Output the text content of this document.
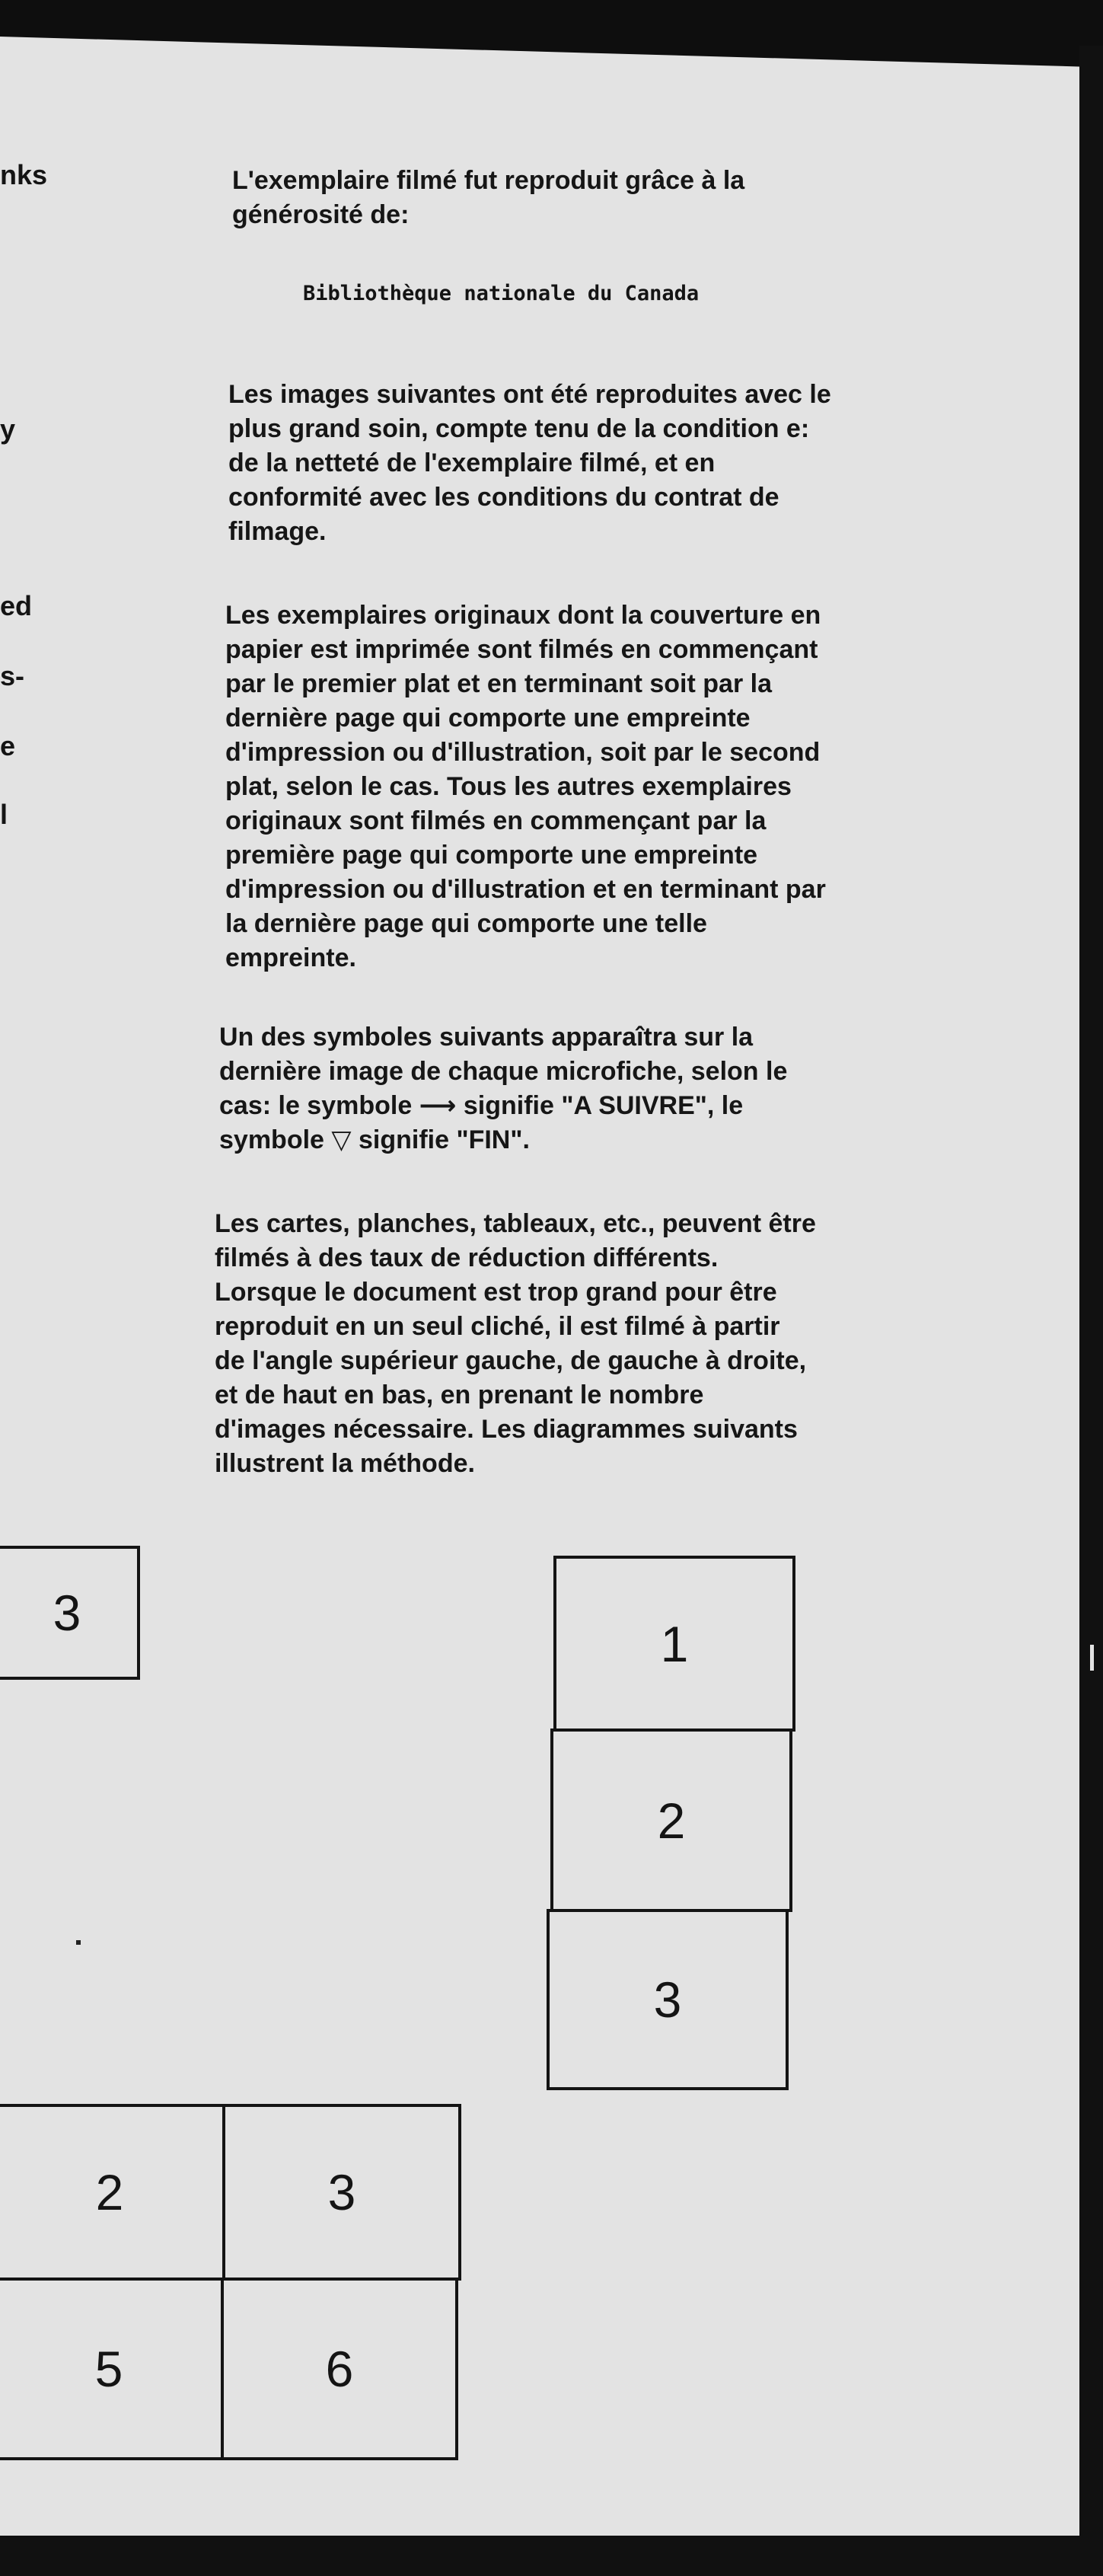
nks
y
ed
s-
e
l

L'exemplaire filmé fut reproduit grâce à la
générosité de:

Bibliothèque nationale du Canada

Les images suivantes ont été reproduites avec le
plus grand soin, compte tenu de la condition e:
de la netteté de l'exemplaire filmé, et en
conformité avec les conditions du contrat de
filmage.

Les exemplaires originaux dont la couverture en
papier est imprimée sont filmés en commençant
par le premier plat et en terminant soit par la
dernière page qui comporte une empreinte
d'impression ou d'illustration, soit par le second
plat, selon le cas. Tous les autres exemplaires
originaux sont filmés en commençant par la
première page qui comporte une empreinte
d'impression ou d'illustration et en terminant par
la dernière page qui comporte une telle
empreinte.

Un des symboles suivants apparaîtra sur la
dernière image de chaque microfiche, selon le
cas: le symbole ⟶ signifie "A SUIVRE", le
symbole ▽ signifie "FIN".

Les cartes, planches, tableaux, etc., peuvent être
filmés à des taux de réduction différents.
Lorsque le document est trop grand pour être
reproduit en un seul cliché, il est filmé à partir
de l'angle supérieur gauche, de gauche à droite,
et de haut en bas, en prenant le nombre
d'images nécessaire. Les diagrammes suivants
illustrent la méthode.

3
1
2
3
2	3
5	6
